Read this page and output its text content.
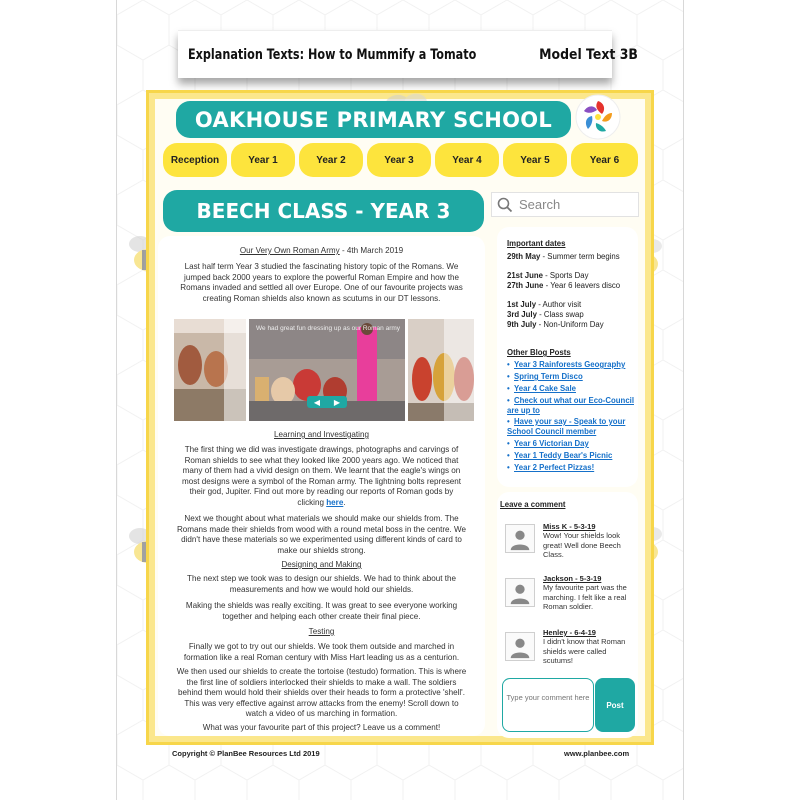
Explanation Texts: How to Mummify a Tomato	Model Text 3B
OAKHOUSE PRIMARY SCHOOL
Reception	Year 1	Year 2	Year 3	Year 4	Year 5	Year 6
BEECH CLASS - YEAR 3
Search
Our Very Own Roman Army - 4th March 2019
Last half term Year 3 studied the fascinating history topic of the Romans. We jumped back 2000 years to explore the powerful Roman Empire and how the Romans invaded and settled all over Europe. One of our favourite projects was creating Roman shields also known as scutums in our DT lessons.
We had great fun dressing up as our Roman army
◀ ▶
Learning and Investigating
The first thing we did was investigate drawings, photographs and carvings of Roman shields to see what they looked like 2000 years ago. We noticed that many of them had a vivid design on them. We learnt that the eagle's wings on most designs were a symbol of the Roman army. The lightning bolts represent their god, Jupiter. Find out more by reading our reports of Roman gods by clicking here.
Next we thought about what materials we should make our shields from. The Romans made their shields from wood with a round metal boss in the centre. We didn't have these materials so we experimented using different kinds of card to make our shields strong.
Designing and Making
The next step we took was to design our shields. We had to think about the measurements and how we would hold our shields.
Making the shields was really exciting. It was great to see everyone working together and helping each other create their final piece.
Testing
Finally we got to try out our shields. We took them outside and marched in formation like a real Roman century with Miss Hart leading us as a centurion.
We then used our shields to create the tortoise (testudo) formation. This is where the first line of soldiers interlocked their shields to make a wall. The soldiers behind them would hold their shields over their heads to form a protective 'shell'. This was very effective against arrow attacks from the enemy! Scroll down to watch a video of us marching in formation.
What was your favourite part of this project? Leave us a comment!
Important dates
29th May - Summer term begins
21st June - Sports Day
27th June - Year 6 leavers disco
1st July - Author visit
3rd July - Class swap
9th July - Non-Uniform Day
Other Blog Posts
• Year 3 Rainforests Geography
• Spring Term Disco
• Year 4 Cake Sale
• Check out what our Eco-Council are up to
• Have your say - Speak to your School Council member
• Year 6 Victorian Day
• Year 1 Teddy Bear's Picnic
• Year 2 Perfect Pizzas!
Leave a comment
Miss K - 5-3-19
Wow! Your shields look great! Well done Beech Class.
Jackson - 5-3-19
My favourite part was the marching. I felt like a real Roman soldier.
Henley - 6-4-19
I didn't know that Roman shields were called scutums!
Type your comment here
Post
Copyright © PlanBee Resources Ltd 2019	www.planbee.com
